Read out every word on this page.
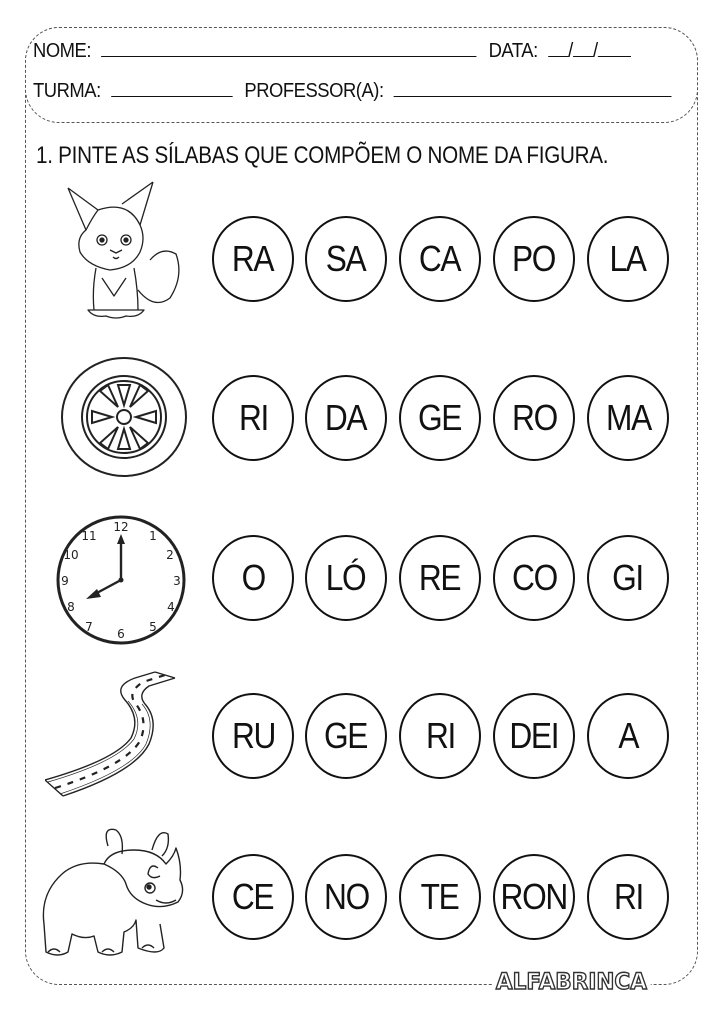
NOME:	DATA: / /
TURMA:	PROFESSOR(A):
1. PINTE AS SÍLABAS QUE COMPÕEM O NOME DA FIGURA.
12
1
2
3
4
5
6
7
8
9
10
11
RA SA CA PO LA
RI DA GE RO MA
O LÓ RE CO GI
RU GE RI DEI A
CE NO TE RON RI
ALFABRINCA
